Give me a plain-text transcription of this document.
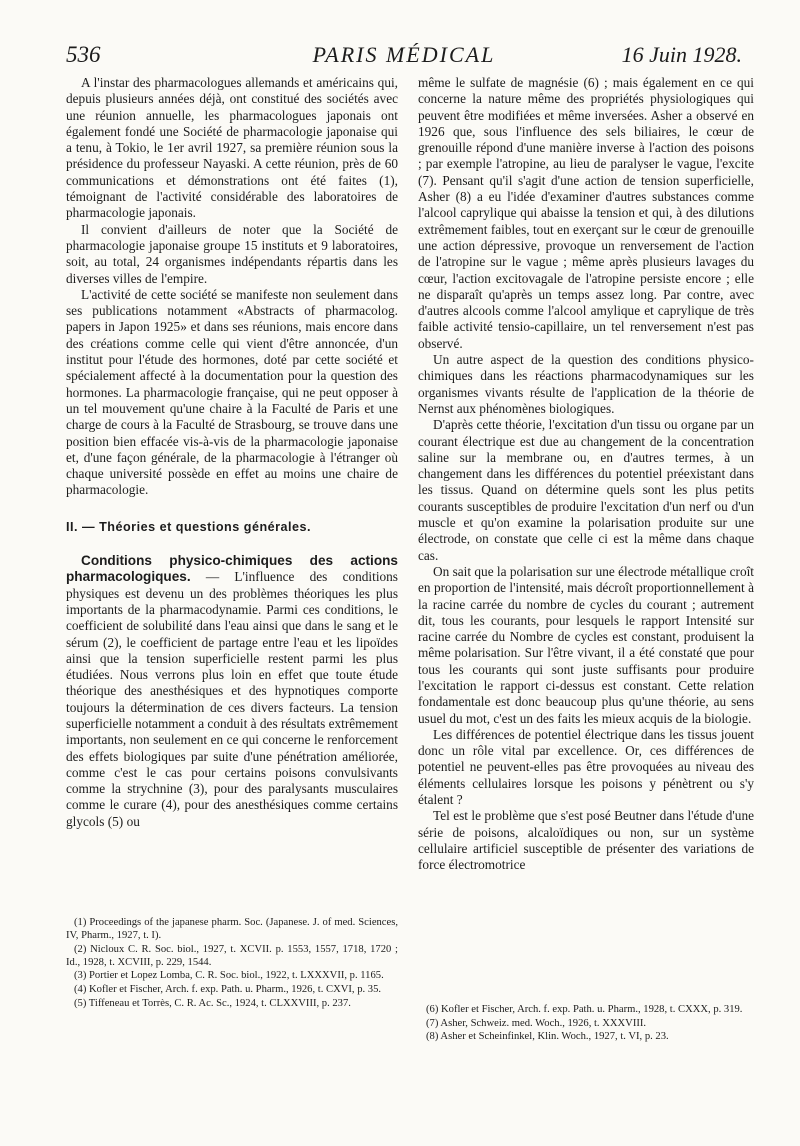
536	PARIS MÉDICAL	16 Juin 1928.

A l'instar des pharmacologues allemands et américains qui, depuis plusieurs années déjà, ont constitué des sociétés avec une réunion annuelle, les pharmacologues japonais ont également fondé une Société de pharmacologie japonaise qui a tenu, à Tokio, le 1er avril 1927, sa première réunion sous la présidence du professeur Nayaski. A cette réunion, près de 60 communications et démonstrations ont été faites (1), témoignant de l'activité considérable des laboratoires de pharmacologie japonais.

Il convient d'ailleurs de noter que la Société de pharmacologie japonaise groupe 15 instituts et 9 laboratoires, soit, au total, 24 organismes indépendants répartis dans les diverses villes de l'empire.

L'activité de cette société se manifeste non seulement dans ses publications notamment «Abstracts of pharmacolog. papers in Japon 1925» et dans ses réunions, mais encore dans des créations comme celle qui vient d'être annoncée, d'un institut pour l'étude des hormones, doté par cette société et spécialement affecté à la documentation pour la question des hormones. La pharmacologie française, qui ne peut opposer à un tel mouvement qu'une chaire à la Faculté de Paris et une charge de cours à la Faculté de Strasbourg, se trouve dans une position bien effacée vis-à-vis de la pharmacologie japonaise et, d'une façon générale, de la pharmacologie à l'étranger où chaque université possède en effet au moins une chaire de pharmacologie.

II. — Théories et questions générales.

Conditions physico-chimiques des actions pharmacologiques. — L'influence des conditions physiques est devenu un des problèmes théoriques les plus importants de la pharmacodynamie. Parmi ces conditions, le coefficient de solubilité dans l'eau ainsi que dans le sang et le sérum (2), le coefficient de partage entre l'eau et les lipoïdes ainsi que la tension superficielle restent parmi les plus étudiées. Nous verrons plus loin en effet que toute étude théorique des anesthésiques et des hypnotiques comporte toujours la détermination de ces divers facteurs. La tension superficielle notamment a conduit à des résultats extrêmement importants, non seulement en ce qui concerne le renforcement des effets biologiques par suite d'une pénétration améliorée, comme c'est le cas pour certains poisons convulsivants comme la strychnine (3), pour des paralysants musculaires comme le curare (4), pour des anesthésiques comme certains glycols (5) ou

même le sulfate de magnésie (6) ; mais également en ce qui concerne la nature même des propriétés physiologiques qui peuvent être modifiées et même inversées. Asher a observé en 1926 que, sous l'influence des sels biliaires, le cœur de grenouille répond d'une manière inverse à l'action des poisons ; par exemple l'atropine, au lieu de paralyser le vague, l'excite (7). Pensant qu'il s'agit d'une action de tension superficielle, Asher (8) a eu l'idée d'examiner d'autres substances comme l'alcool caprylique qui abaisse la tension et qui, à des dilutions extrêmement faibles, tout en exerçant sur le cœur de grenouille une action dépressive, provoque un renversement de l'action de l'atropine sur le vague ; même après plusieurs lavages du cœur, l'action excitovagale de l'atropine persiste encore ; elle ne disparaît qu'après un temps assez long. Par contre, avec d'autres alcools comme l'alcool amylique et caprylique de très faible activité tensio-capillaire, un tel renversement n'est pas observé.

Un autre aspect de la question des conditions physico-chimiques dans les réactions pharmacodynamiques sur les organismes vivants résulte de l'application de la théorie de Nernst aux phénomènes biologiques.

D'après cette théorie, l'excitation d'un tissu ou organe par un courant électrique est due au changement de la concentration saline sur la membrane ou, en d'autres termes, à un changement dans les différences du potentiel préexistant dans les tissus. Quand on détermine quels sont les plus petits courants susceptibles de produire l'excitation d'un nerf ou d'un muscle et qu'on examine la polarisation produite sur une électrode, on constate que celle ci est la même dans chaque cas.

On sait que la polarisation sur une électrode métallique croît en proportion de l'intensité, mais décroît proportionnellement à la racine carrée du nombre de cycles du courant ; autrement dit, tous les courants, pour lesquels le rapport Intensité sur racine carrée du Nombre de cycles est constant, produisent la même polarisation. Sur l'être vivant, il a été constaté que pour tous les courants qui sont juste suffisants pour produire l'excitation le rapport ci-dessus est constant. Cette relation fondamentale est donc beaucoup plus qu'une théorie, au sens usuel du mot, c'est un des faits les mieux acquis de la biologie.

Les différences de potentiel électrique dans les tissus jouent donc un rôle vital par excellence. Or, ces différences de potentiel ne peuvent-elles pas être provoquées au niveau des éléments cellulaires lorsque les poisons y pénètrent ou s'y étalent ?

Tel est le problème que s'est posé Beutner dans l'étude d'une série de poisons, alcaloïdiques ou non, sur un système cellulaire artificiel susceptible de présenter des variations de force électromotrice

(1) Proceedings of the japanese pharm. Soc. (Japanese. J. of med. Sciences, IV, Pharm., 1927, t. I).

(2) Nicloux C. R. Soc. biol., 1927, t. XCVII. p. 1553, 1557, 1718, 1720 ; Id., 1928, t. XCVIII, p. 229, 1544.

(3) Portier et Lopez Lomba, C. R. Soc. biol., 1922, t. LXXXVII, p. 1165.

(4) Kofler et Fischer, Arch. f. exp. Path. u. Pharm., 1926, t. CXVI, p. 35.

(5) Tiffeneau et Torrès, C. R. Ac. Sc., 1924, t. CLXXVIII, p. 237.

(6) Kofler et Fischer, Arch. f. exp. Path. u. Pharm., 1928, t. CXXX, p. 319.

(7) Asher, Schweiz. med. Woch., 1926, t. XXXVIII.

(8) Asher et Scheinfinkel, Klin. Woch., 1927, t. VI, p. 23.
